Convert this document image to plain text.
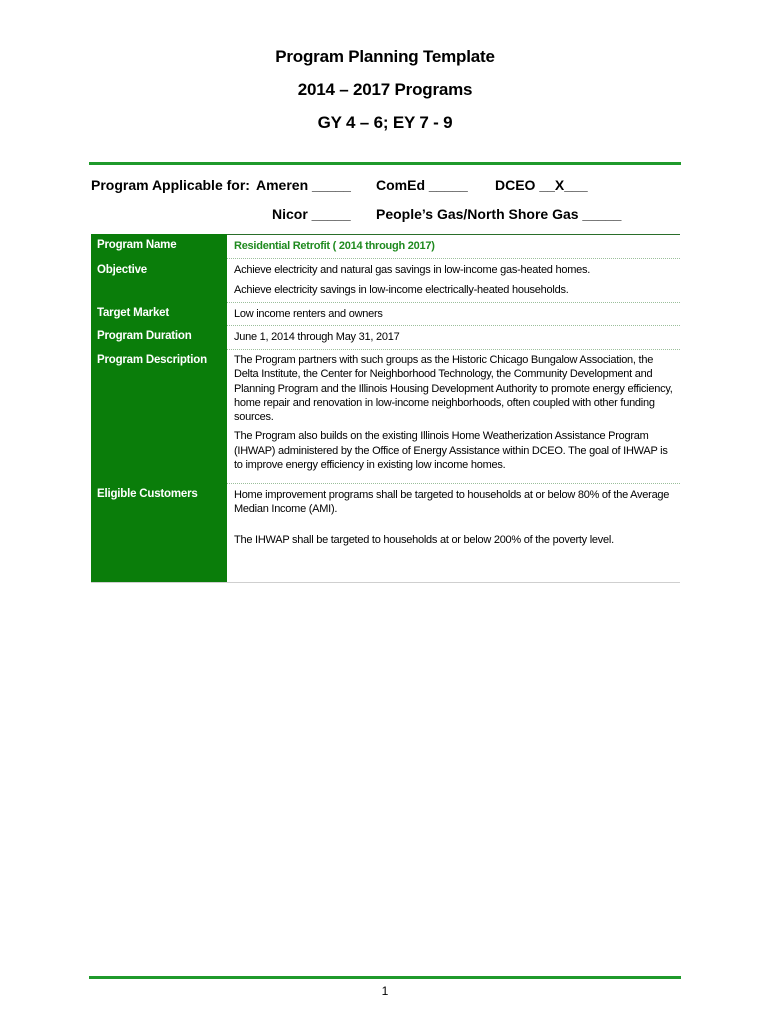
Program Planning Template
2014 – 2017 Programs
GY 4 – 6; EY 7 - 9
Program Applicable for: Ameren _____ ComEd _____ DCEO __X___
Nicor _____ People’s Gas/North Shore Gas _____
Program Name	Residential Retrofit ( 2014 through 2017)
Objective	Achieve electricity and natural gas savings in low-income gas-heated homes.

Achieve electricity savings in low-income electrically-heated households.

Target Market	Low income renters and owners
Program Duration	June 1, 2014 through May 31, 2017
Program Description	The Program partners with such groups as the Historic Chicago Bungalow Association, the Delta Institute, the Center for Neighborhood Technology, the Community Development and Planning Program and the Illinois Housing Development Authority to promote energy efficiency, home repair and renovation in low-income neighborhoods, often coupled with other funding sources.

The Program also builds on the existing Illinois Home Weatherization Assistance Program (IHWAP) administered by the Office of Energy Assistance within DCEO. The goal of IHWAP is to improve energy efficiency in existing low income homes.

Eligible Customers	Home improvement programs shall be targeted to households at or below 80% of the Average Median Income (AMI).

The IHWAP shall be targeted to households at or below 200% of the poverty level.

1
